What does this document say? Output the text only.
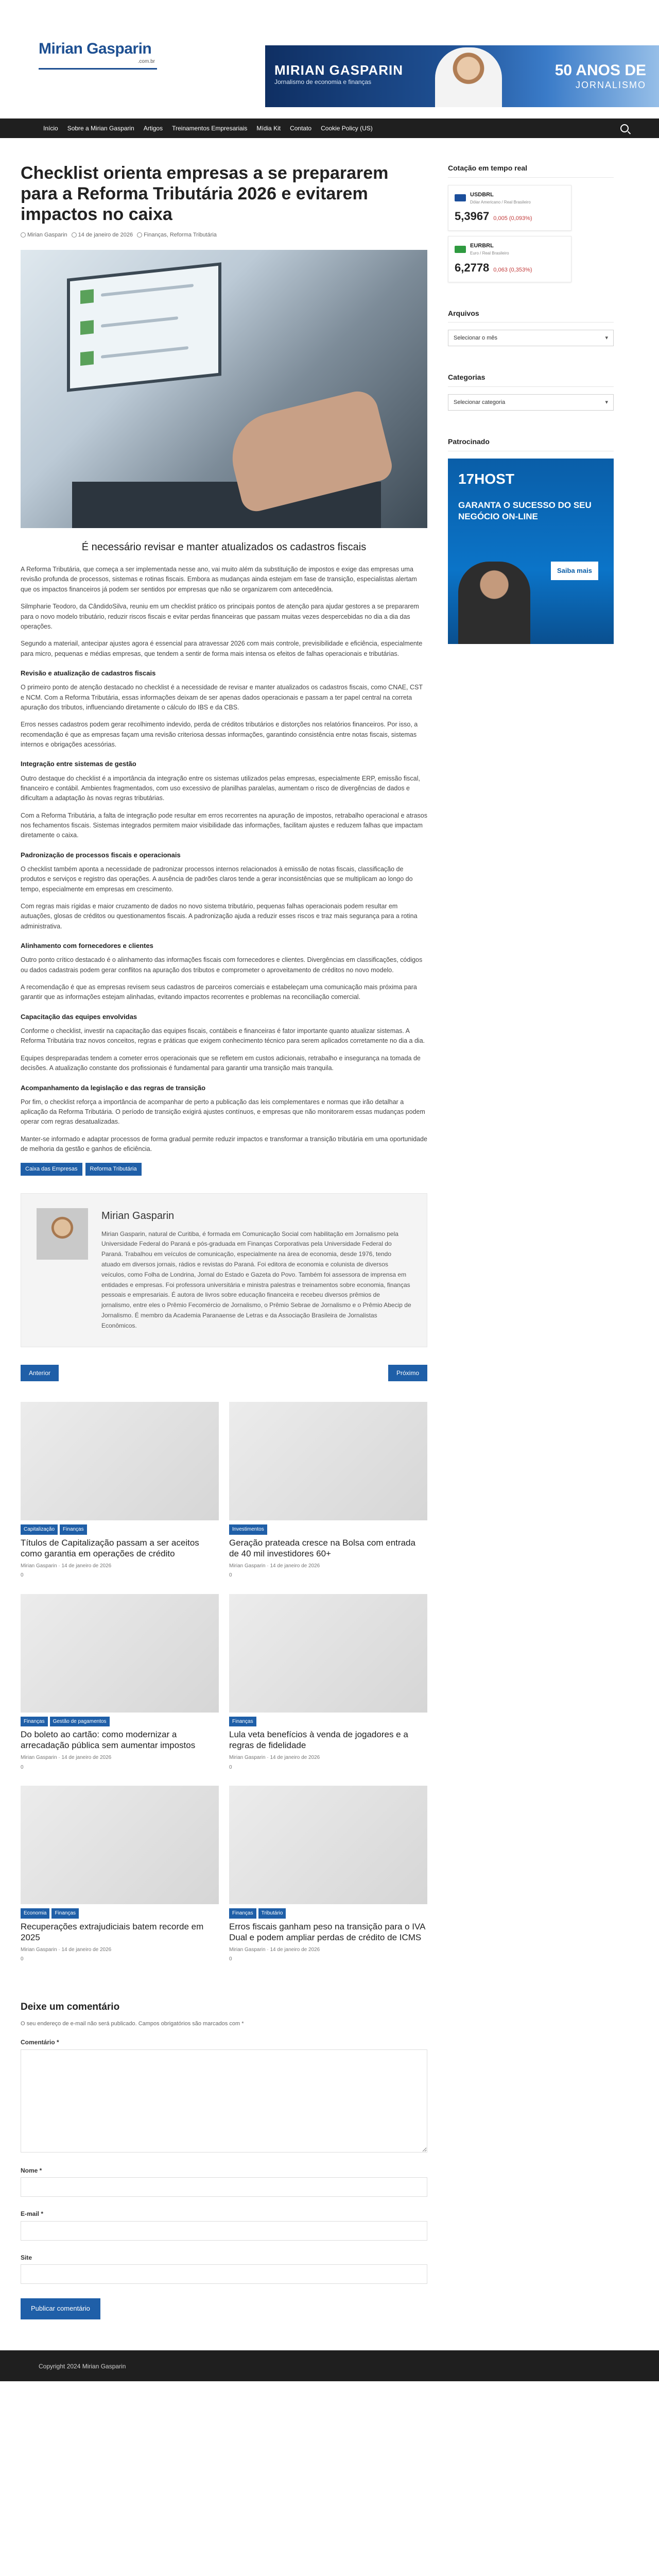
Mirian Gasparin
.com.br
MIRIAN GASPARIN
Jornalismo de economia e finanças
50 ANOS DE
JORNALISMO
Início	Sobre a Mirian Gasparin	Artigos	Treinamentos Empresariais	Mídia Kit	Contato	Cookie Policy (US)
Checklist orienta empresas a se prepararem para a Reforma Tributária 2026 e evitarem impactos no caixa
Mirian Gasparin	14 de janeiro de 2026	Finanças, Reforma Tributária
É necessário revisar e manter atualizados os cadastros fiscais

A Reforma Tributária, que começa a ser implementada nesse ano, vai muito além da substituição de impostos e exige das empresas uma revisão profunda de processos, sistemas e rotinas fiscais. Embora as mudanças ainda estejam em fase de transição, especialistas alertam que os impactos financeiros já podem ser sentidos por empresas que não se organizarem com antecedência.

Silmpharie Teodoro, da CândidoSilva, reuniu em um checklist prático os principais pontos de atenção para ajudar gestores a se prepararem para o novo modelo tributário, reduzir riscos fiscais e evitar perdas financeiras que passam muitas vezes despercebidas no dia a dia das operações.

Segundo a materiail, antecipar ajustes agora é essencial para atravessar 2026 com mais controle, previsibilidade e eficiência, especialmente para micro, pequenas e médias empresas, que tendem a sentir de forma mais intensa os efeitos de falhas operacionais e tributárias.

Revisão e atualização de cadastros fiscais

O primeiro ponto de atenção destacado no checklist é a necessidade de revisar e manter atualizados os cadastros fiscais, como CNAE, CST e NCM. Com a Reforma Tributária, essas informações deixam de ser apenas dados operacionais e passam a ter papel central na correta apuração dos tributos, influenciando diretamente o cálculo do IBS e da CBS.

Erros nesses cadastros podem gerar recolhimento indevido, perda de créditos tributários e distorções nos relatórios financeiros. Por isso, a recomendação é que as empresas façam uma revisão criteriosa dessas informações, garantindo consistência entre notas fiscais, sistemas internos e obrigações acessórias.

Integração entre sistemas de gestão

Outro destaque do checklist é a importância da integração entre os sistemas utilizados pelas empresas, especialmente ERP, emissão fiscal, financeiro e contábil. Ambientes fragmentados, com uso excessivo de planilhas paralelas, aumentam o risco de divergências de dados e dificultam a adaptação às novas regras tributárias.

Com a Reforma Tributária, a falta de integração pode resultar em erros recorrentes na apuração de impostos, retrabalho operacional e atrasos nos fechamentos fiscais. Sistemas integrados permitem maior visibilidade das informações, facilitam ajustes e reduzem falhas que impactam diretamente o caixa.

Padronização de processos fiscais e operacionais

O checklist também aponta a necessidade de padronizar processos internos relacionados à emissão de notas fiscais, classificação de produtos e serviços e registro das operações. A ausência de padrões claros tende a gerar inconsistências que se multiplicam ao longo do tempo, especialmente em empresas em crescimento.

Com regras mais rígidas e maior cruzamento de dados no novo sistema tributário, pequenas falhas operacionais podem resultar em autuações, glosas de créditos ou questionamentos fiscais. A padronização ajuda a reduzir esses riscos e traz mais segurança para a rotina administrativa.

Alinhamento com fornecedores e clientes

Outro ponto crítico destacado é o alinhamento das informações fiscais com fornecedores e clientes. Divergências em classificações, códigos ou dados cadastrais podem gerar conflitos na apuração dos tributos e comprometer o aproveitamento de créditos no novo modelo.

A recomendação é que as empresas revisem seus cadastros de parceiros comerciais e estabeleçam uma comunicação mais próxima para garantir que as informações estejam alinhadas, evitando impactos recorrentes e problemas na reconciliação comercial.

Capacitação das equipes envolvidas

Conforme o checklist, investir na capacitação das equipes fiscais, contábeis e financeiras é fator importante quanto atualizar sistemas. A Reforma Tributária traz novos conceitos, regras e práticas que exigem conhecimento técnico para serem aplicados corretamente no dia a dia.

Equipes despreparadas tendem a cometer erros operacionais que se refletem em custos adicionais, retrabalho e insegurança na tomada de decisões. A atualização constante dos profissionais é fundamental para garantir uma transição mais tranquila.

Acompanhamento da legislação e das regras de transição

Por fim, o checklist reforça a importância de acompanhar de perto a publicação das leis complementares e normas que irão detalhar a aplicação da Reforma Tributária. O período de transição exigirá ajustes contínuos, e empresas que não monitorarem essas mudanças podem operar com regras desatualizadas.

Manter-se informado e adaptar processos de forma gradual permite reduzir impactos e transformar a transição tributária em uma oportunidade de melhoria da gestão e ganhos de eficiência.

Caixa das Empresas	Reforma Tributária
Mirian Gasparin
Mirian Gasparin, natural de Curitiba, é formada em Comunicação Social com habilitação em Jornalismo pela Universidade Federal do Paraná e pós-graduada em Finanças Corporativas pela Universidade Federal do Paraná. Trabalhou em veículos de comunicação, especialmente na área de economia, desde 1976, tendo atuado em diversos jornais, rádios e revistas do Paraná. Foi editora de economia e colunista de diversos veículos, como Folha de Londrina, Jornal do Estado e Gazeta do Povo. Também foi assessora de imprensa em entidades e empresas. Foi professora universitária e ministra palestras e treinamentos sobre economia, finanças pessoais e empresariais. É autora de livros sobre educação financeira e recebeu diversos prêmios de jornalismo, entre eles o Prêmio Fecomércio de Jornalismo, o Prêmio Sebrae de Jornalismo e o Prêmio Abecip de Jornalismo. É membro da Academia Paranaense de Letras e da Associação Brasileira de Jornalistas Econômicos.
Anterior	Próximo
Capitalização	Finanças
Títulos de Capitalização passam a ser aceitos como garantia em operações de crédito
Mirian Gasparin · 14 de janeiro de 2026
0
Investimentos
Geração prateada cresce na Bolsa com entrada de 40 mil investidores 60+
Mirian Gasparin · 14 de janeiro de 2026
0
Finanças	Gestão de pagamentos
Do boleto ao cartão: como modernizar a arrecadação pública sem aumentar impostos
Mirian Gasparin · 14 de janeiro de 2026
0
Finanças
Lula veta benefícios à venda de jogadores e a regras de fidelidade
Mirian Gasparin · 14 de janeiro de 2026
0
Economia	Finanças
Recuperações extrajudiciais batem recorde em 2025
Mirian Gasparin · 14 de janeiro de 2026
0
Finanças	Tributário
Erros fiscais ganham peso na transição para o IVA Dual e podem ampliar perdas de crédito de ICMS
Mirian Gasparin · 14 de janeiro de 2026
0
Deixe um comentário
O seu endereço de e-mail não será publicado. Campos obrigatórios são marcados com *
Comentário *
Nome *
E-mail *
Site
Publicar comentário
Cotação em tempo real
USDBRL
Dólar Americano / Real Brasileiro
5,3967 0,005 (0,093%)
EURBRL
Euro / Real Brasileiro
6,2778 0,063 (0,353%)
Arquivos
Selecionar o mês ▾
Categorias
Selecionar categoria ▾
Patrocinado
17HOST
GARANTA O SUCESSO DO SEU NEGÓCIO ON-LINE
Saiba mais
Copyright 2024 Mirian Gasparin
